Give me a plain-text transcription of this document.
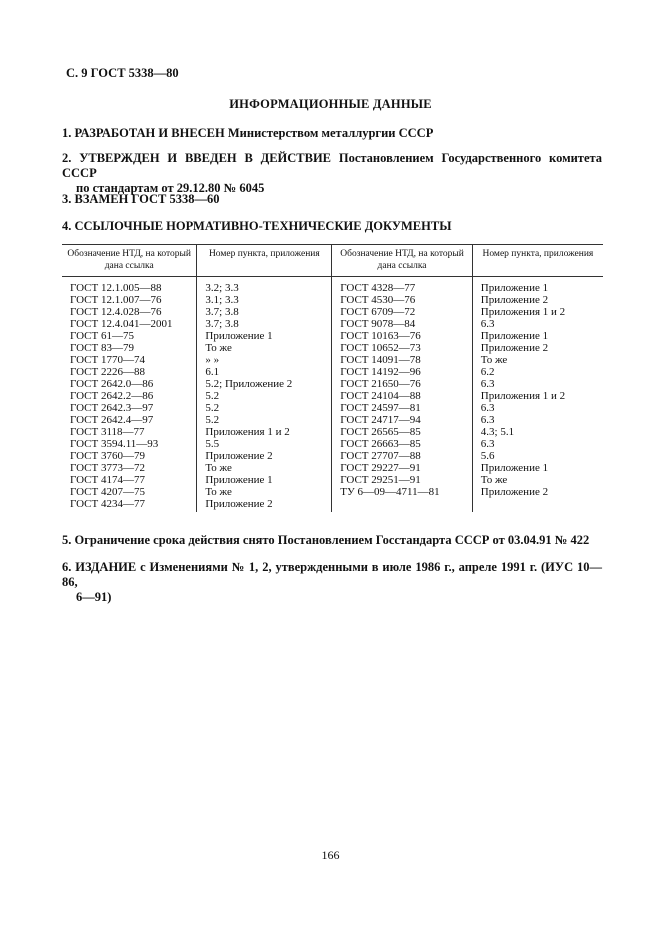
С. 9 ГОСТ 5338—80
ИНФОРМАЦИОННЫЕ ДАННЫЕ
1. РАЗРАБОТАН И ВНЕСЕН Министерством металлургии СССР
2. УТВЕРЖДЕН И ВВЕДЕН В ДЕЙСТВИЕ Постановлением Государственного комитета СССР
по стандартам от 29.12.80 № 6045
3. ВЗАМЕН ГОСТ 5338—60
4. ССЫЛОЧНЫЕ НОРМАТИВНО-ТЕХНИЧЕСКИЕ ДОКУМЕНТЫ
Обозначение НТД, на который дана ссылка	Номер пункта, приложения	Обозначение НТД, на который дана ссылка	Номер пункта, приложения
ГОСТ 12.1.005—88	3.2; 3.3	ГОСТ 4328—77	Приложение 1
ГОСТ 12.1.007—76	3.1; 3.3	ГОСТ 4530—76	Приложение 2
ГОСТ 12.4.028—76	3.7; 3.8	ГОСТ 6709—72	Приложения 1 и 2
ГОСТ 12.4.041—2001	3.7; 3.8	ГОСТ 9078—84	6.3
ГОСТ 61—75	Приложение 1	ГОСТ 10163—76	Приложение 1
ГОСТ 83—79	То же	ГОСТ 10652—73	Приложение 2
ГОСТ 1770—74	» »	ГОСТ 14091—78	То же
ГОСТ 2226—88	6.1	ГОСТ 14192—96	6.2
ГОСТ 2642.0—86	5.2; Приложение 2	ГОСТ 21650—76	6.3
ГОСТ 2642.2—86	5.2	ГОСТ 24104—88	Приложения 1 и 2
ГОСТ 2642.3—97	5.2	ГОСТ 24597—81	6.3
ГОСТ 2642.4—97	5.2	ГОСТ 24717—94	6.3
ГОСТ 3118—77	Приложения 1 и 2	ГОСТ 26565—85	4.3; 5.1
ГОСТ 3594.11—93	5.5	ГОСТ 26663—85	6.3
ГОСТ 3760—79	Приложение 2	ГОСТ 27707—88	5.6
ГОСТ 3773—72	То же	ГОСТ 29227—91	Приложение 1
ГОСТ 4174—77	Приложение 1	ГОСТ 29251—91	То же
ГОСТ 4207—75	То же	ТУ 6—09—4711—81	Приложение 2
ГОСТ 4234—77	Приложение 2		
5. Ограничение срока действия снято Постановлением Госстандарта СССР от 03.04.91 № 422
6. ИЗДАНИЕ с Изменениями № 1, 2, утвержденными в июле 1986 г., апреле 1991 г. (ИУС 10—86,
6—91)
166
